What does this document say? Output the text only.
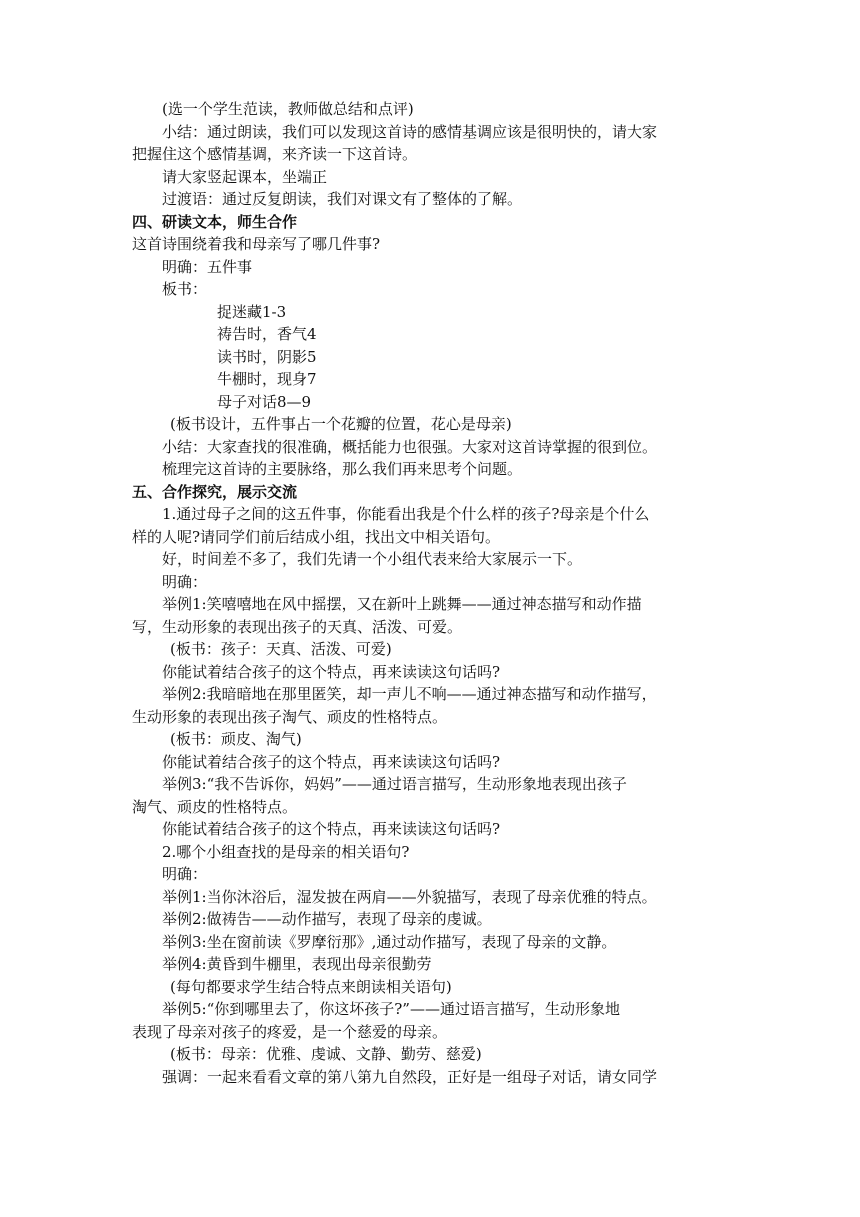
(选一个学生范读，教师做总结和点评)
小结：通过朗读，我们可以发现这首诗的感情基调应该是很明快的，请大家
把握住这个感情基调，来齐读一下这首诗。
请大家竖起课本，坐端正
过渡语：通过反复朗读，我们对课文有了整体的了解。
四、研读文本，师生合作
这首诗围绕着我和母亲写了哪几件事?
明确：五件事
板书：
捉迷藏1-3
祷告时，香气4
读书时，阴影5
牛棚时，现身7
母子对话8—9
(板书设计，五件事占一个花瓣的位置，花心是母亲)
小结：大家查找的很准确，概括能力也很强。大家对这首诗掌握的很到位。
梳理完这首诗的主要脉络，那么我们再来思考个问题。
五、合作探究，展示交流
1.通过母子之间的这五件事，你能看出我是个什么样的孩子?母亲是个什么
样的人呢?请同学们前后结成小组，找出文中相关语句。
好，时间差不多了，我们先请一个小组代表来给大家展示一下。
明确：
举例1:笑嘻嘻地在风中摇摆，又在新叶上跳舞——通过神态描写和动作描
写，生动形象的表现出孩子的天真、活泼、可爱。
(板书：孩子：天真、活泼、可爱)
你能试着结合孩子的这个特点，再来读读这句话吗?
举例2:我暗暗地在那里匿笑，却一声儿不响——通过神态描写和动作描写，
生动形象的表现出孩子淘气、顽皮的性格特点。
(板书：顽皮、淘气)
你能试着结合孩子的这个特点，再来读读这句话吗?
举例3:“我不告诉你，妈妈”——通过语言描写，生动形象地表现出孩子
淘气、顽皮的性格特点。
你能试着结合孩子的这个特点，再来读读这句话吗?
2.哪个小组查找的是母亲的相关语句?
明确：
举例1:当你沐浴后，湿发披在两肩——外貌描写，表现了母亲优雅的特点。
举例2:做祷告——动作描写，表现了母亲的虔诚。
举例3:坐在窗前读《罗摩衍那》,通过动作描写，表现了母亲的文静。
举例4:黄昏到牛棚里，表现出母亲很勤劳
(每句都要求学生结合特点来朗读相关语句)
举例5:“你到哪里去了，你这坏孩子?”——通过语言描写，生动形象地
表现了母亲对孩子的疼爱，是一个慈爱的母亲。
(板书：母亲：优雅、虔诚、文静、勤劳、慈爱)
强调：一起来看看文章的第八第九自然段，正好是一组母子对话，请女同学
